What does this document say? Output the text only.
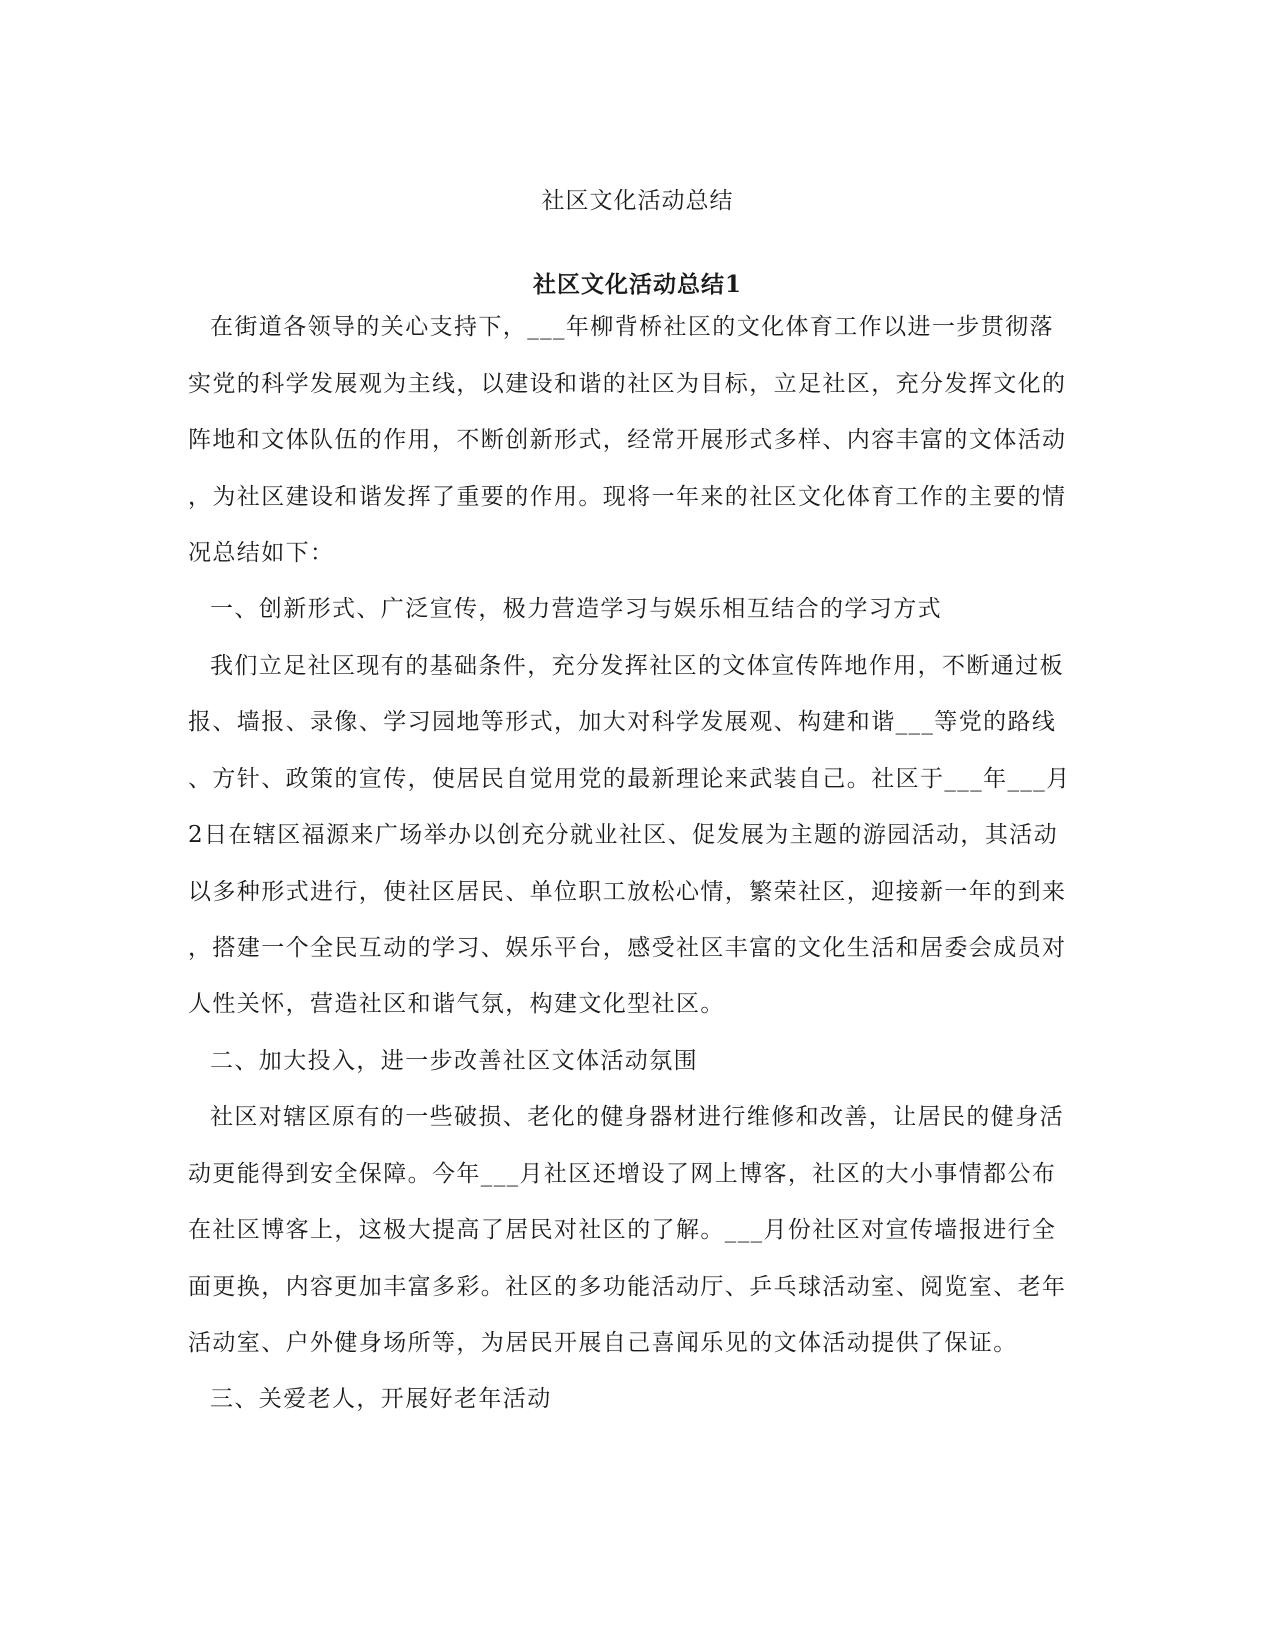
社区文化活动总结
社区文化活动总结1
在街道各领导的关心支持下，___年柳背桥社区的文化体育工作以进一步贯彻落
实党的科学发展观为主线，以建设和谐的社区为目标，立足社区，充分发挥文化的
阵地和文体队伍的作用，不断创新形式，经常开展形式多样、内容丰富的文体活动
，为社区建设和谐发挥了重要的作用。现将一年来的社区文化体育工作的主要的情
况总结如下：
一、创新形式、广泛宣传，极力营造学习与娱乐相互结合的学习方式
我们立足社区现有的基础条件，充分发挥社区的文体宣传阵地作用，不断通过板
报、墙报、录像、学习园地等形式，加大对科学发展观、构建和谐___等党的路线
、方针、政策的宣传，使居民自觉用党的最新理论来武装自己。社区于___年___月
2日在辖区福源来广场举办以创充分就业社区、促发展为主题的游园活动，其活动
以多种形式进行，使社区居民、单位职工放松心情，繁荣社区，迎接新一年的到来
，搭建一个全民互动的学习、娱乐平台，感受社区丰富的文化生活和居委会成员对
人性关怀，营造社区和谐气氛，构建文化型社区。
二、加大投入，进一步改善社区文体活动氛围
社区对辖区原有的一些破损、老化的健身器材进行维修和改善，让居民的健身活
动更能得到安全保障。今年___月社区还增设了网上博客，社区的大小事情都公布
在社区博客上，这极大提高了居民对社区的了解。___月份社区对宣传墙报进行全
面更换，内容更加丰富多彩。社区的多功能活动厅、乒乓球活动室、阅览室、老年
活动室、户外健身场所等，为居民开展自己喜闻乐见的文体活动提供了保证。
三、关爱老人，开展好老年活动
